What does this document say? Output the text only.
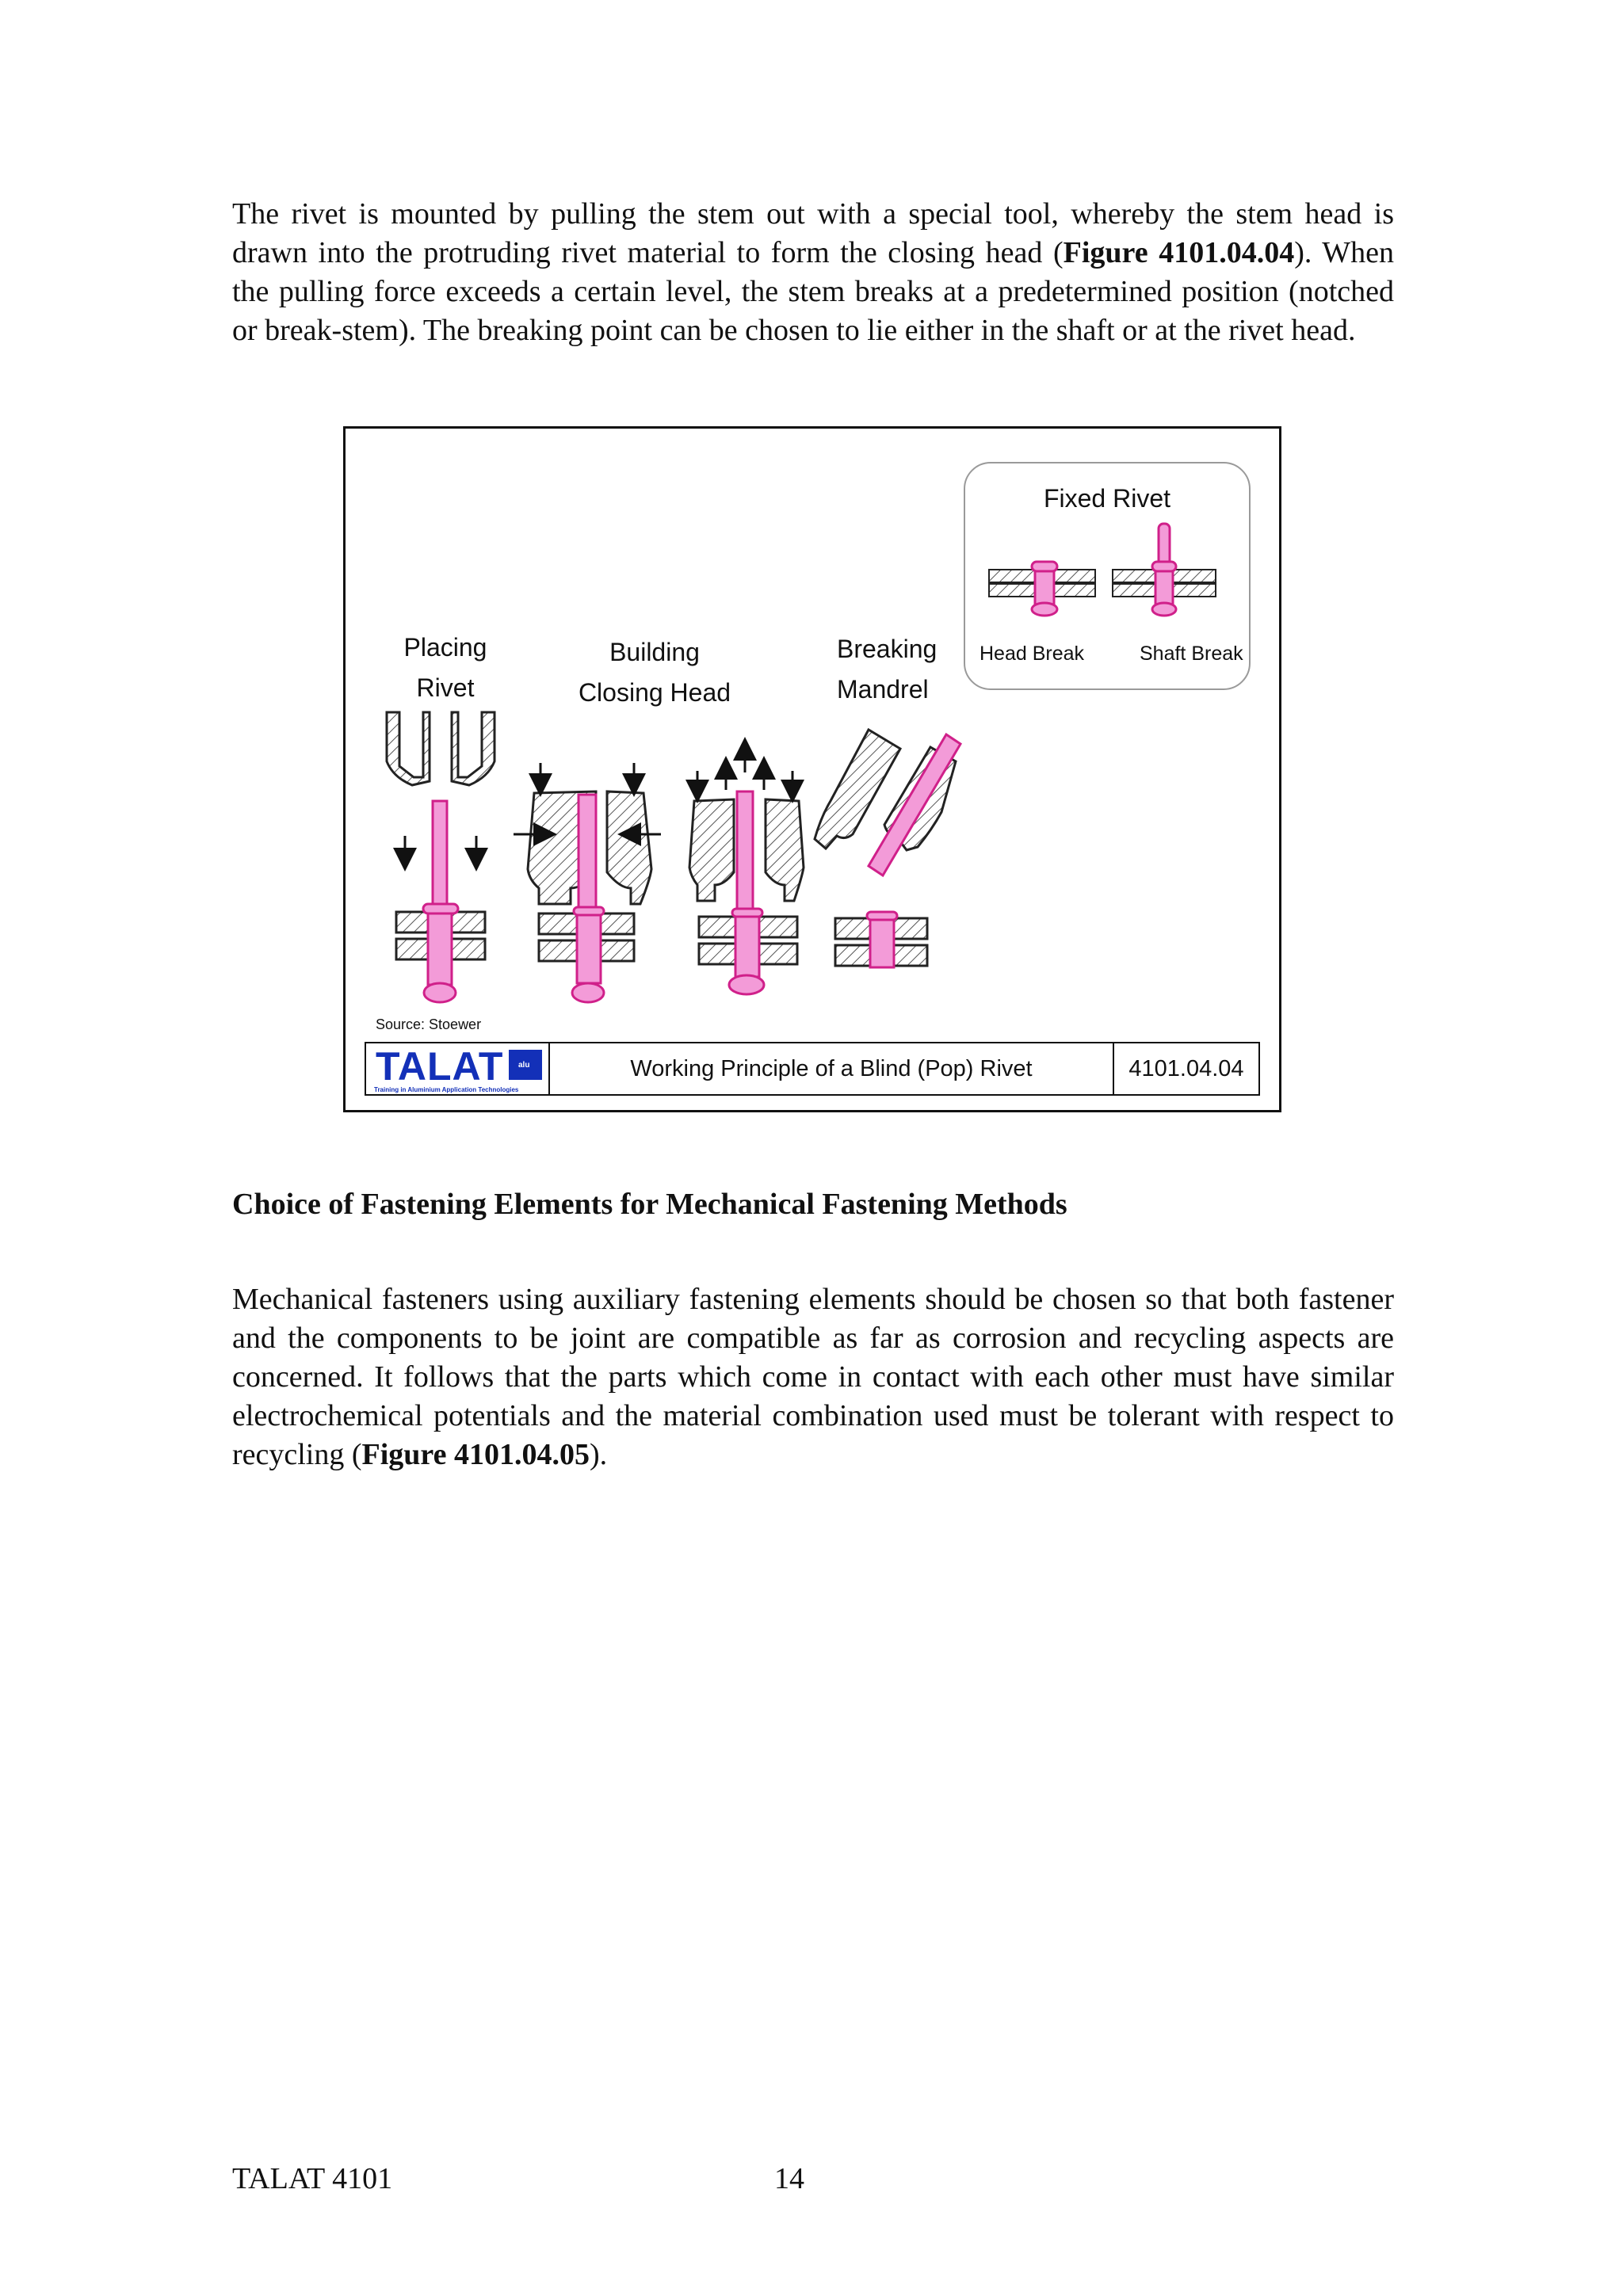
The rivet is mounted by pulling the stem out with a special tool, whereby the stem head is drawn into the protruding rivet material to form the closing head (Figure 4101.04.04). When the pulling force exceeds a certain level, the stem breaks at a predetermined position (notched or break-stem). The breaking point can be chosen to lie either in the shaft or at the rivet head.

Placing
Rivet
Building
Closing Head
Breaking
Mandrel
Fixed Rivet
Head Break	Shaft Break
Source: Stoewer
TALAT alu
Training in Aluminium Application Technologies
Working Principle of a Blind (Pop) Rivet	4101.04.04

Choice of Fastening Elements for Mechanical Fastening Methods

Mechanical fasteners using auxiliary fastening elements should be chosen so that both fastener and the components to be joint are compatible as far as corrosion and recycling aspects are concerned. It follows that the parts which come in contact with each other must have similar electrochemical potentials and the material combination used must be tolerant with respect to recycling (Figure 4101.04.05).

TALAT 4101	14
